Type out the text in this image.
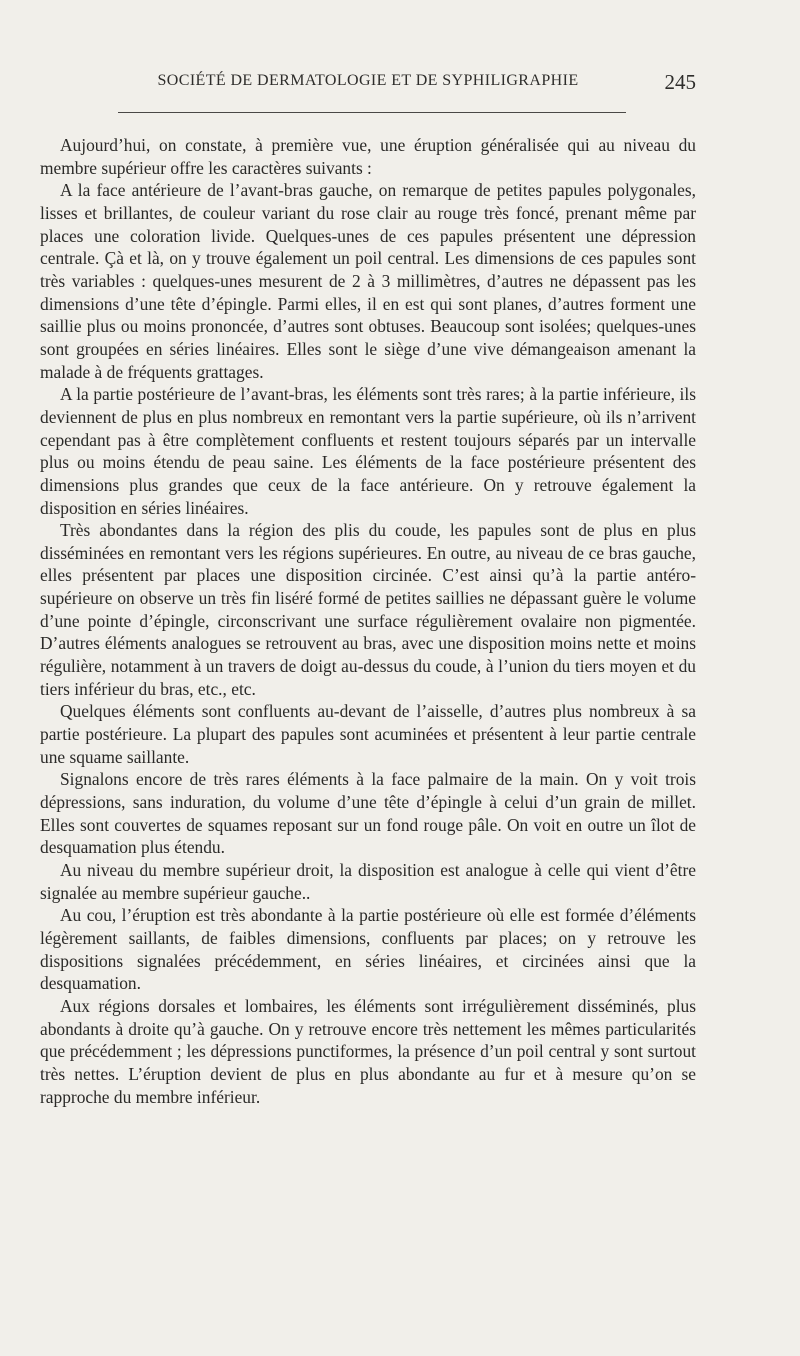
SOCIÉTÉ DE DERMATOLOGIE ET DE SYPHILIGRAPHIE	245

Aujourd’hui, on constate, à première vue, une éruption généralisée qui au niveau du membre supérieur offre les caractères suivants :

A la face antérieure de l’avant-bras gauche, on remarque de petites papules polygonales, lisses et brillantes, de couleur variant du rose clair au rouge très foncé, prenant même par places une coloration livide. Quelques-unes de ces papules présentent une dépression centrale. Çà et là, on y trouve également un poil central. Les dimensions de ces papules sont très variables : quelques-unes mesurent de 2 à 3 millimètres, d’autres ne dépassent pas les dimensions d’une tête d’épingle. Parmi elles, il en est qui sont planes, d’autres forment une saillie plus ou moins prononcée, d’autres sont obtuses. Beaucoup sont isolées; quelques-unes sont groupées en séries linéaires. Elles sont le siège d’une vive démangeaison amenant la malade à de fréquents grattages.

A la partie postérieure de l’avant-bras, les éléments sont très rares; à la partie inférieure, ils deviennent de plus en plus nombreux en remontant vers la partie supérieure, où ils n’arrivent cependant pas à être complètement confluents et restent toujours séparés par un intervalle plus ou moins étendu de peau saine. Les éléments de la face postérieure présentent des dimensions plus grandes que ceux de la face antérieure. On y retrouve également la disposition en séries linéaires.

Très abondantes dans la région des plis du coude, les papules sont de plus en plus disséminées en remontant vers les régions supérieures. En outre, au niveau de ce bras gauche, elles présentent par places une disposition circinée. C’est ainsi qu’à la partie antéro-supérieure on observe un très fin liséré formé de petites saillies ne dépassant guère le volume d’une pointe d’épingle, circonscrivant une surface régulièrement ovalaire non pigmentée. D’autres éléments analogues se retrouvent au bras, avec une disposition moins nette et moins régulière, notamment à un travers de doigt au-dessus du coude, à l’union du tiers moyen et du tiers inférieur du bras, etc., etc.

Quelques éléments sont confluents au-devant de l’aisselle, d’autres plus nombreux à sa partie postérieure. La plupart des papules sont acuminées et présentent à leur partie centrale une squame saillante.

Signalons encore de très rares éléments à la face palmaire de la main. On y voit trois dépressions, sans induration, du volume d’une tête d’épingle à celui d’un grain de millet. Elles sont couvertes de squames reposant sur un fond rouge pâle. On voit en outre un îlot de desquamation plus étendu.

Au niveau du membre supérieur droit, la disposition est analogue à celle qui vient d’être signalée au membre supérieur gauche..

Au cou, l’éruption est très abondante à la partie postérieure où elle est formée d’éléments légèrement saillants, de faibles dimensions, confluents par places; on y retrouve les dispositions signalées précédemment, en séries linéaires, et circinées ainsi que la desquamation.

Aux régions dorsales et lombaires, les éléments sont irrégulièrement disséminés, plus abondants à droite qu’à gauche. On y retrouve encore très nettement les mêmes particularités que précédemment ; les dépressions punctiformes, la présence d’un poil central y sont surtout très nettes. L’éruption devient de plus en plus abondante au fur et à mesure qu’on se rapproche du membre inférieur.
